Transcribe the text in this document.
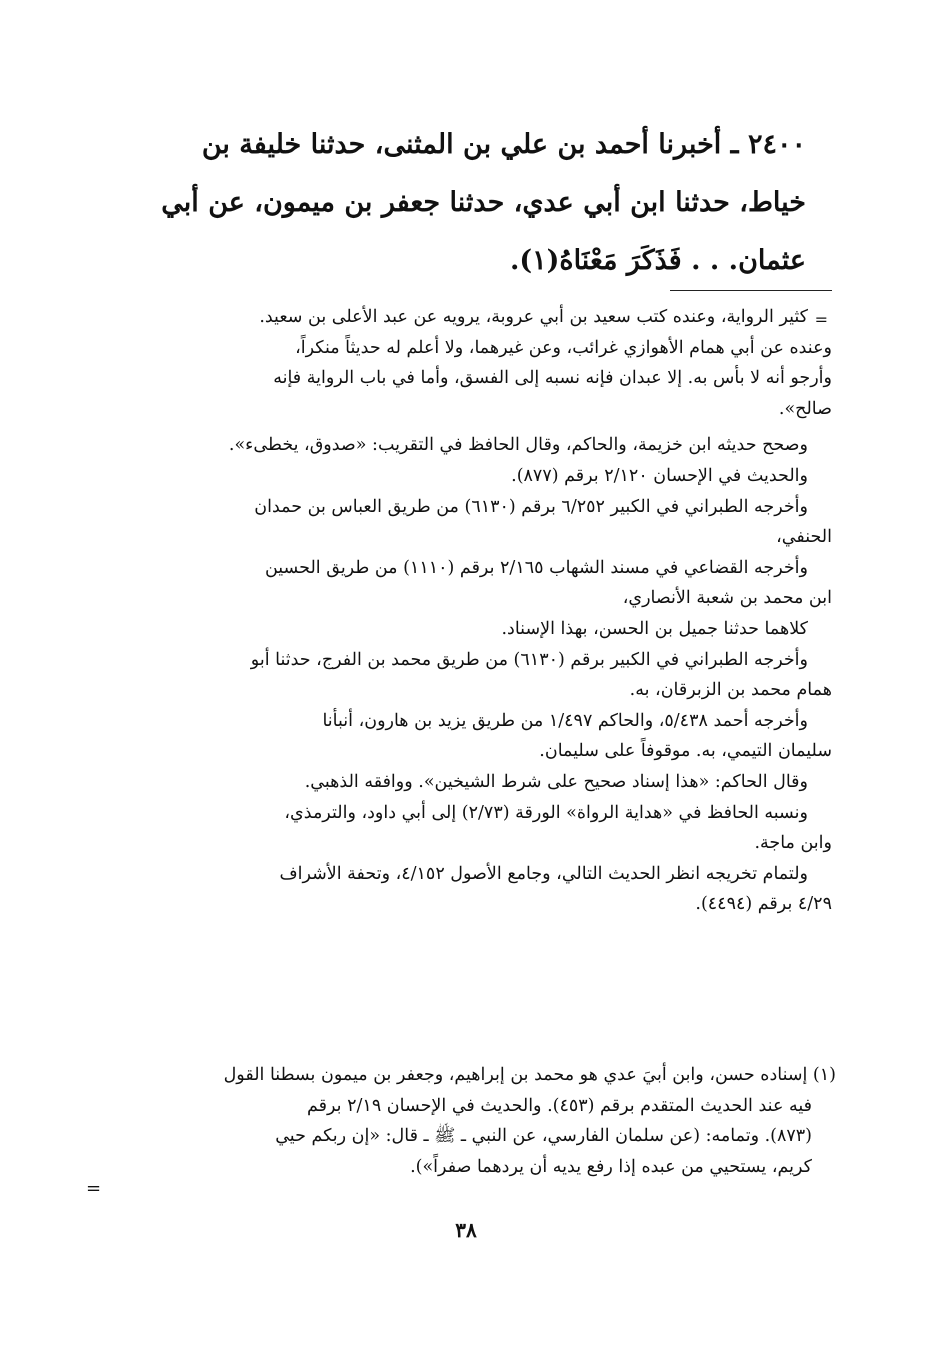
٢٤٠٠ ـ أخبرنا أحمد بن علي بن المثنى، حدثنا خليفة بن
خياط، حدثنا ابن أبي عدي، حدثنا جعفر بن ميمون، عن أبي
عثمان. . . فَذَكَرَ مَعْنَاهُ(١).
=
كثير الرواية، وعنده كتب سعيد بن أبي عروبة، يرويه عن عبد الأعلى بن سعيد.
وعنده عن أبي همام الأهوازي غرائب، وعن غيرهما، ولا أعلم له حديثاً منكراً،
وأرجو أنه لا بأس به. إلا عبدان فإنه نسبه إلى الفسق، وأما في باب الرواية فإنه
صالح».
وصحح حديثه ابن خزيمة، والحاكم، وقال الحافظ في التقريب: «صدوق، يخطىء».
والحديث في الإحسان ٢/١٢٠ برقم (٨٧٧).
وأخرجه الطبراني في الكبير ٦/٢٥٢ برقم (٦١٣٠) من طريق العباس بن حمدان
الحنفي،
وأخرجه القضاعي في مسند الشهاب ٢/١٦٥ برقم (١١١٠) من طريق الحسين
ابن محمد بن شعبة الأنصاري،
كلاهما حدثنا جميل بن الحسن، بهذا الإسناد.
وأخرجه الطبراني في الكبير برقم (٦١٣٠) من طريق محمد بن الفرج، حدثنا أبو
همام محمد بن الزبرقان، به.
وأخرجه أحمد ٥/٤٣٨، والحاكم ١/٤٩٧ من طريق يزيد بن هارون، أنبأنا
سليمان التيمي، به. موقوفاً على سليمان.
وقال الحاكم: «هذا إسناد صحيح على شرط الشيخين». ووافقه الذهبي.
ونسبه الحافظ في «هداية الرواة» الورقة (٢/٧٣) إلى أبي داود، والترمذي،
وابن ماجة.
ولتمام تخريجه انظر الحديث التالي، وجامع الأصول ٤/١٥٢، وتحفة الأشراف
٤/٢٩ برقم (٤٤٩٤).
(١) إسناده حسن، وابن أبيَ عدي هو محمد بن إبراهيم، وجعفر بن ميمون بسطنا القول
فيه عند الحديث المتقدم برقم (٤٥٣). والحديث في الإحسان ٢/١٩ برقم
(٨٧٣). وتمامه: (عن سلمان الفارسي، عن النبي ـ ﷺ ـ قال: «إن ربكم حيي
كريم، يستحيي من عبده إذا رفع يديه أن يردهما صفراً»).
=
٣٨
